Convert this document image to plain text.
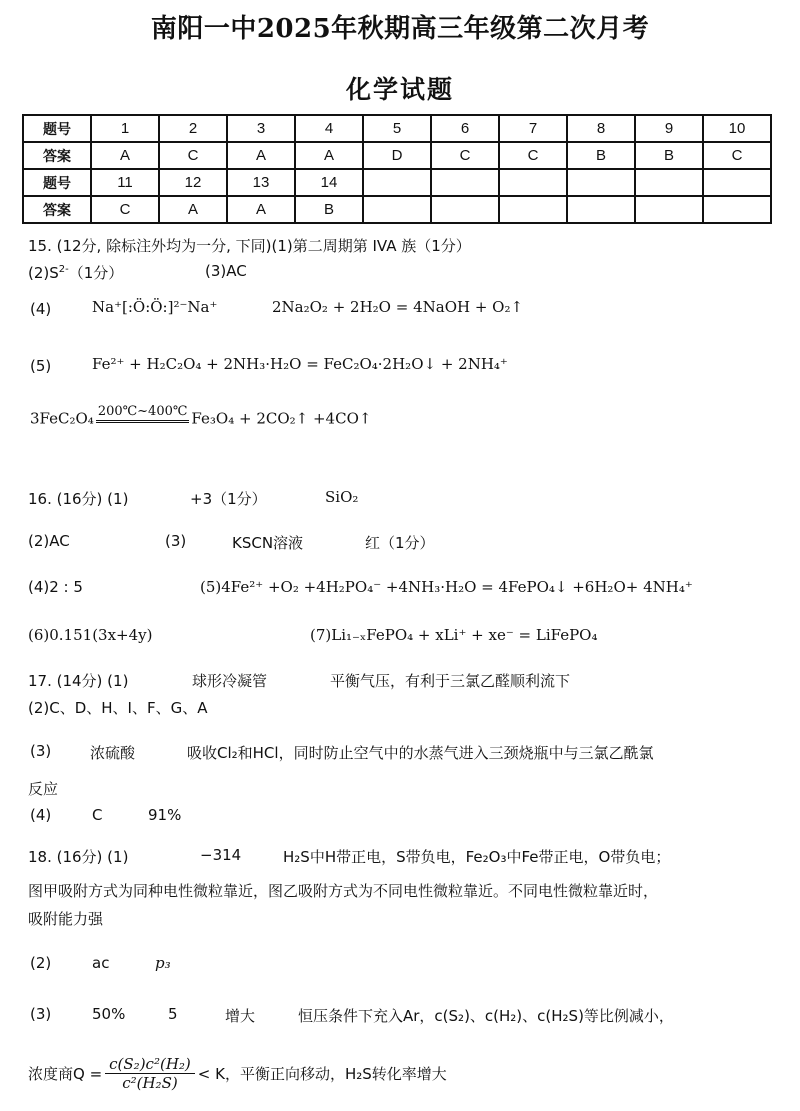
南阳一中2025年秋期高三年级第二次月考
化学试题
题号	1	2	3	4	5	6	7	8	9	10
答案	A	C	A	A	D	C	C	B	B	C
题号	11	12	13	14						
答案	C	A	A	B						
15. (12分, 除标注外均为一分, 下同)(1)第二周期第 IVA 族（1分）
$(2)S^{2-}(1$分）	(3)AC
(4)	Na⁺[:Ö:Ö:]²⁻Na⁺	2Na₂O₂ + 2H₂O = 4NaOH + O₂↑
(5)	Fe²⁺ + H₂C₂O₄ + 2NH₃·H₂O = FeC₂O₄·2H₂O↓ + 2NH₄⁺
3FeC₂O₄ 200℃~400℃ Fe₃O₄ + 2CO₂↑ +4CO↑
16. (16分) (1)	+3（1分）	SiO₂
(2)AC	(3)	KSCN溶液	红（1分）
(4)2 : 5	(5)4Fe²⁺ +O₂ +4H₂PO₄⁻ +4NH₃·H₂O = 4FePO₄↓ +6H₂O+ 4NH₄⁺
(6)0.151(3x+4y)	(7)Li₁₋ₓFePO₄ + xLi⁺ + xe⁻ = LiFePO₄
17. (14分) (1)	球形冷凝管	平衡气压，有利于三氯乙醛顺利流下
(2)C、D、H、I、F、G、A
(3)	浓硫酸	吸收Cl₂和HCl，同时防止空气中的水蒸气进入三颈烧瓶中与三氯乙酰氯
反应
(4)	C	91%
18. (16分) (1)	−314	H₂S中H带正电，S带负电，Fe₂O₃中Fe带正电，O带负电；
图甲吸附方式为同种电性微粒靠近，图乙吸附方式为不同电性微粒靠近。不同电性微粒靠近时，
吸附能力强
(2)	ac	p₃
(3)	50%	5	增大	恒压条件下充入Ar，c(S₂)、c(H₂)、c(H₂S)等比例减小，
浓度商$Q = \frac{\text{c(S₂)c²(H₂)}}{\text{c²(H₂S)}} < K$，平衡正向移动，H₂S转化率增大
